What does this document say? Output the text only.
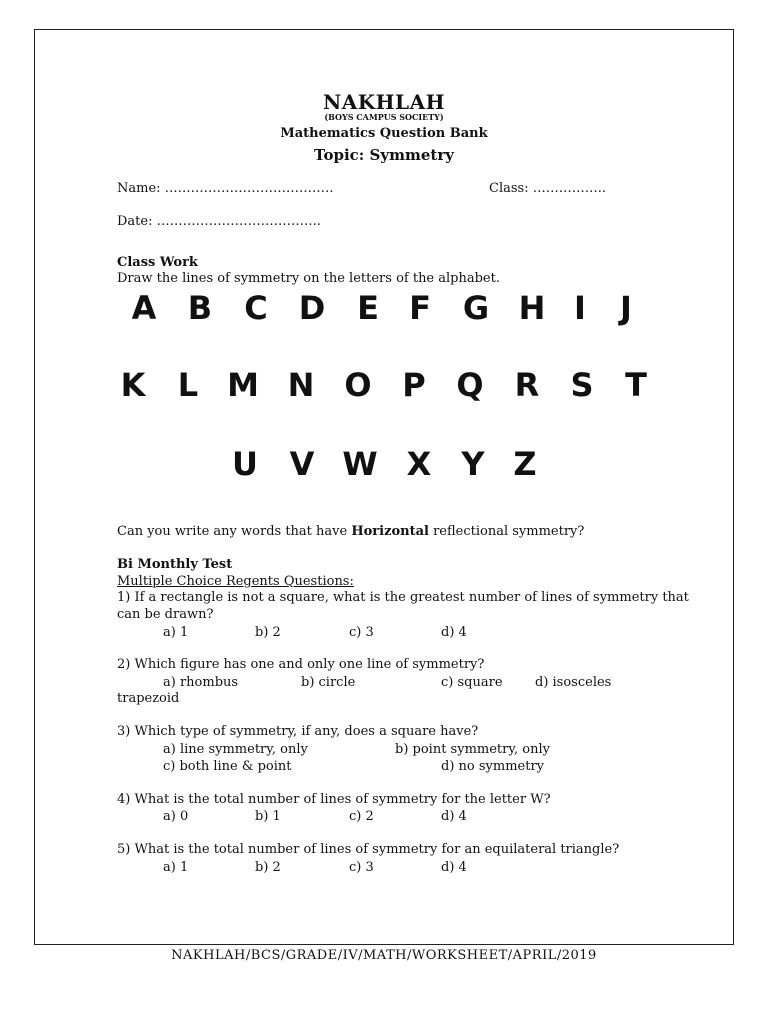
NAKHLAH
(BOYS CAMPUS SOCIETY)
Mathematics Question Bank
Topic: Symmetry
Name: …………………………………	Class: ……………..
Date: ………………………………..
Class Work
Draw the lines of symmetry on the letters of the alphabet.
A B C D E F G H I J
K L M N O P Q R S T
U V W X Y Z
Can you write any words that have Horizontal reflectional symmetry?
Bi Monthly Test
Multiple Choice Regents Questions:
1) If a rectangle is not a square, what is the greatest number of lines of symmetry that
can be drawn?
a) 1	b) 2	c) 3	d) 4
2) Which figure has one and only one line of symmetry?
a) rhombus	b) circle	c) square d) isosceles
trapezoid
3) Which type of symmetry, if any, does a square have?
a) line symmetry, only	b) point symmetry, only
c) both line & point	d) no symmetry
4) What is the total number of lines of symmetry for the letter W?
a) 0	b) 1	c) 2	d) 4
5) What is the total number of lines of symmetry for an equilateral triangle?
a) 1	b) 2	c) 3	d) 4
NAKHLAH/BCS/GRADE/IV/MATH/WORKSHEET/APRIL/2019
